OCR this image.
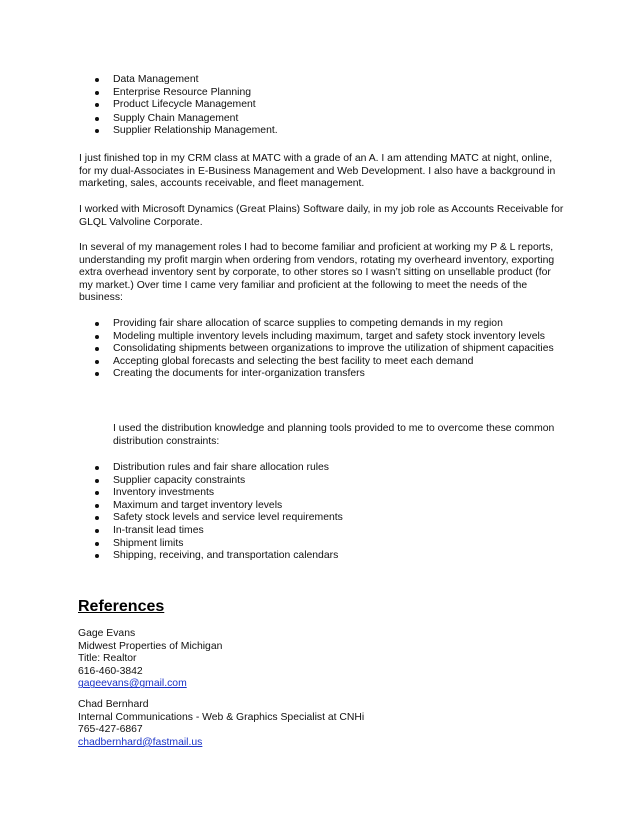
Data Management
Enterprise Resource Planning
Product Lifecycle Management
Supply Chain Management
Supplier Relationship Management.
I just finished top in my CRM class at MATC with a grade of an A. I am attending MATC at night, online,
for my dual-Associates in E-Business Management and Web Development. I also have a background in
marketing, sales, accounts receivable, and fleet management.
I worked with Microsoft Dynamics (Great Plains) Software daily, in my job role as Accounts Receivable for
GLQL Valvoline Corporate.
In several of my management roles I had to become familiar and proficient at working my P & L reports,
understanding my profit margin when ordering from vendors, rotating my overheard inventory, exporting
extra overhead inventory sent by corporate, to other stores so I wasn’t sitting on unsellable product (for
my market.) Over time I came very familiar and proficient at the following to meet the needs of the
business:
Providing fair share allocation of scarce supplies to competing demands in my region
Modeling multiple inventory levels including maximum, target and safety stock inventory levels
Consolidating shipments between organizations to improve the utilization of shipment capacities
Accepting global forecasts and selecting the best facility to meet each demand
Creating the documents for inter-organization transfers
I used the distribution knowledge and planning tools provided to me to overcome these common
distribution constraints:
Distribution rules and fair share allocation rules
Supplier capacity constraints
Inventory investments
Maximum and target inventory levels
Safety stock levels and service level requirements
In-transit lead times
Shipment limits
Shipping, receiving, and transportation calendars
References
Gage Evans
Midwest Properties of Michigan
Title: Realtor
616-460-3842
gageevans@gmail.com
Chad Bernhard
Internal Communications - Web & Graphics Specialist at CNHi
765-427-6867
chadbernhard@fastmail.us
